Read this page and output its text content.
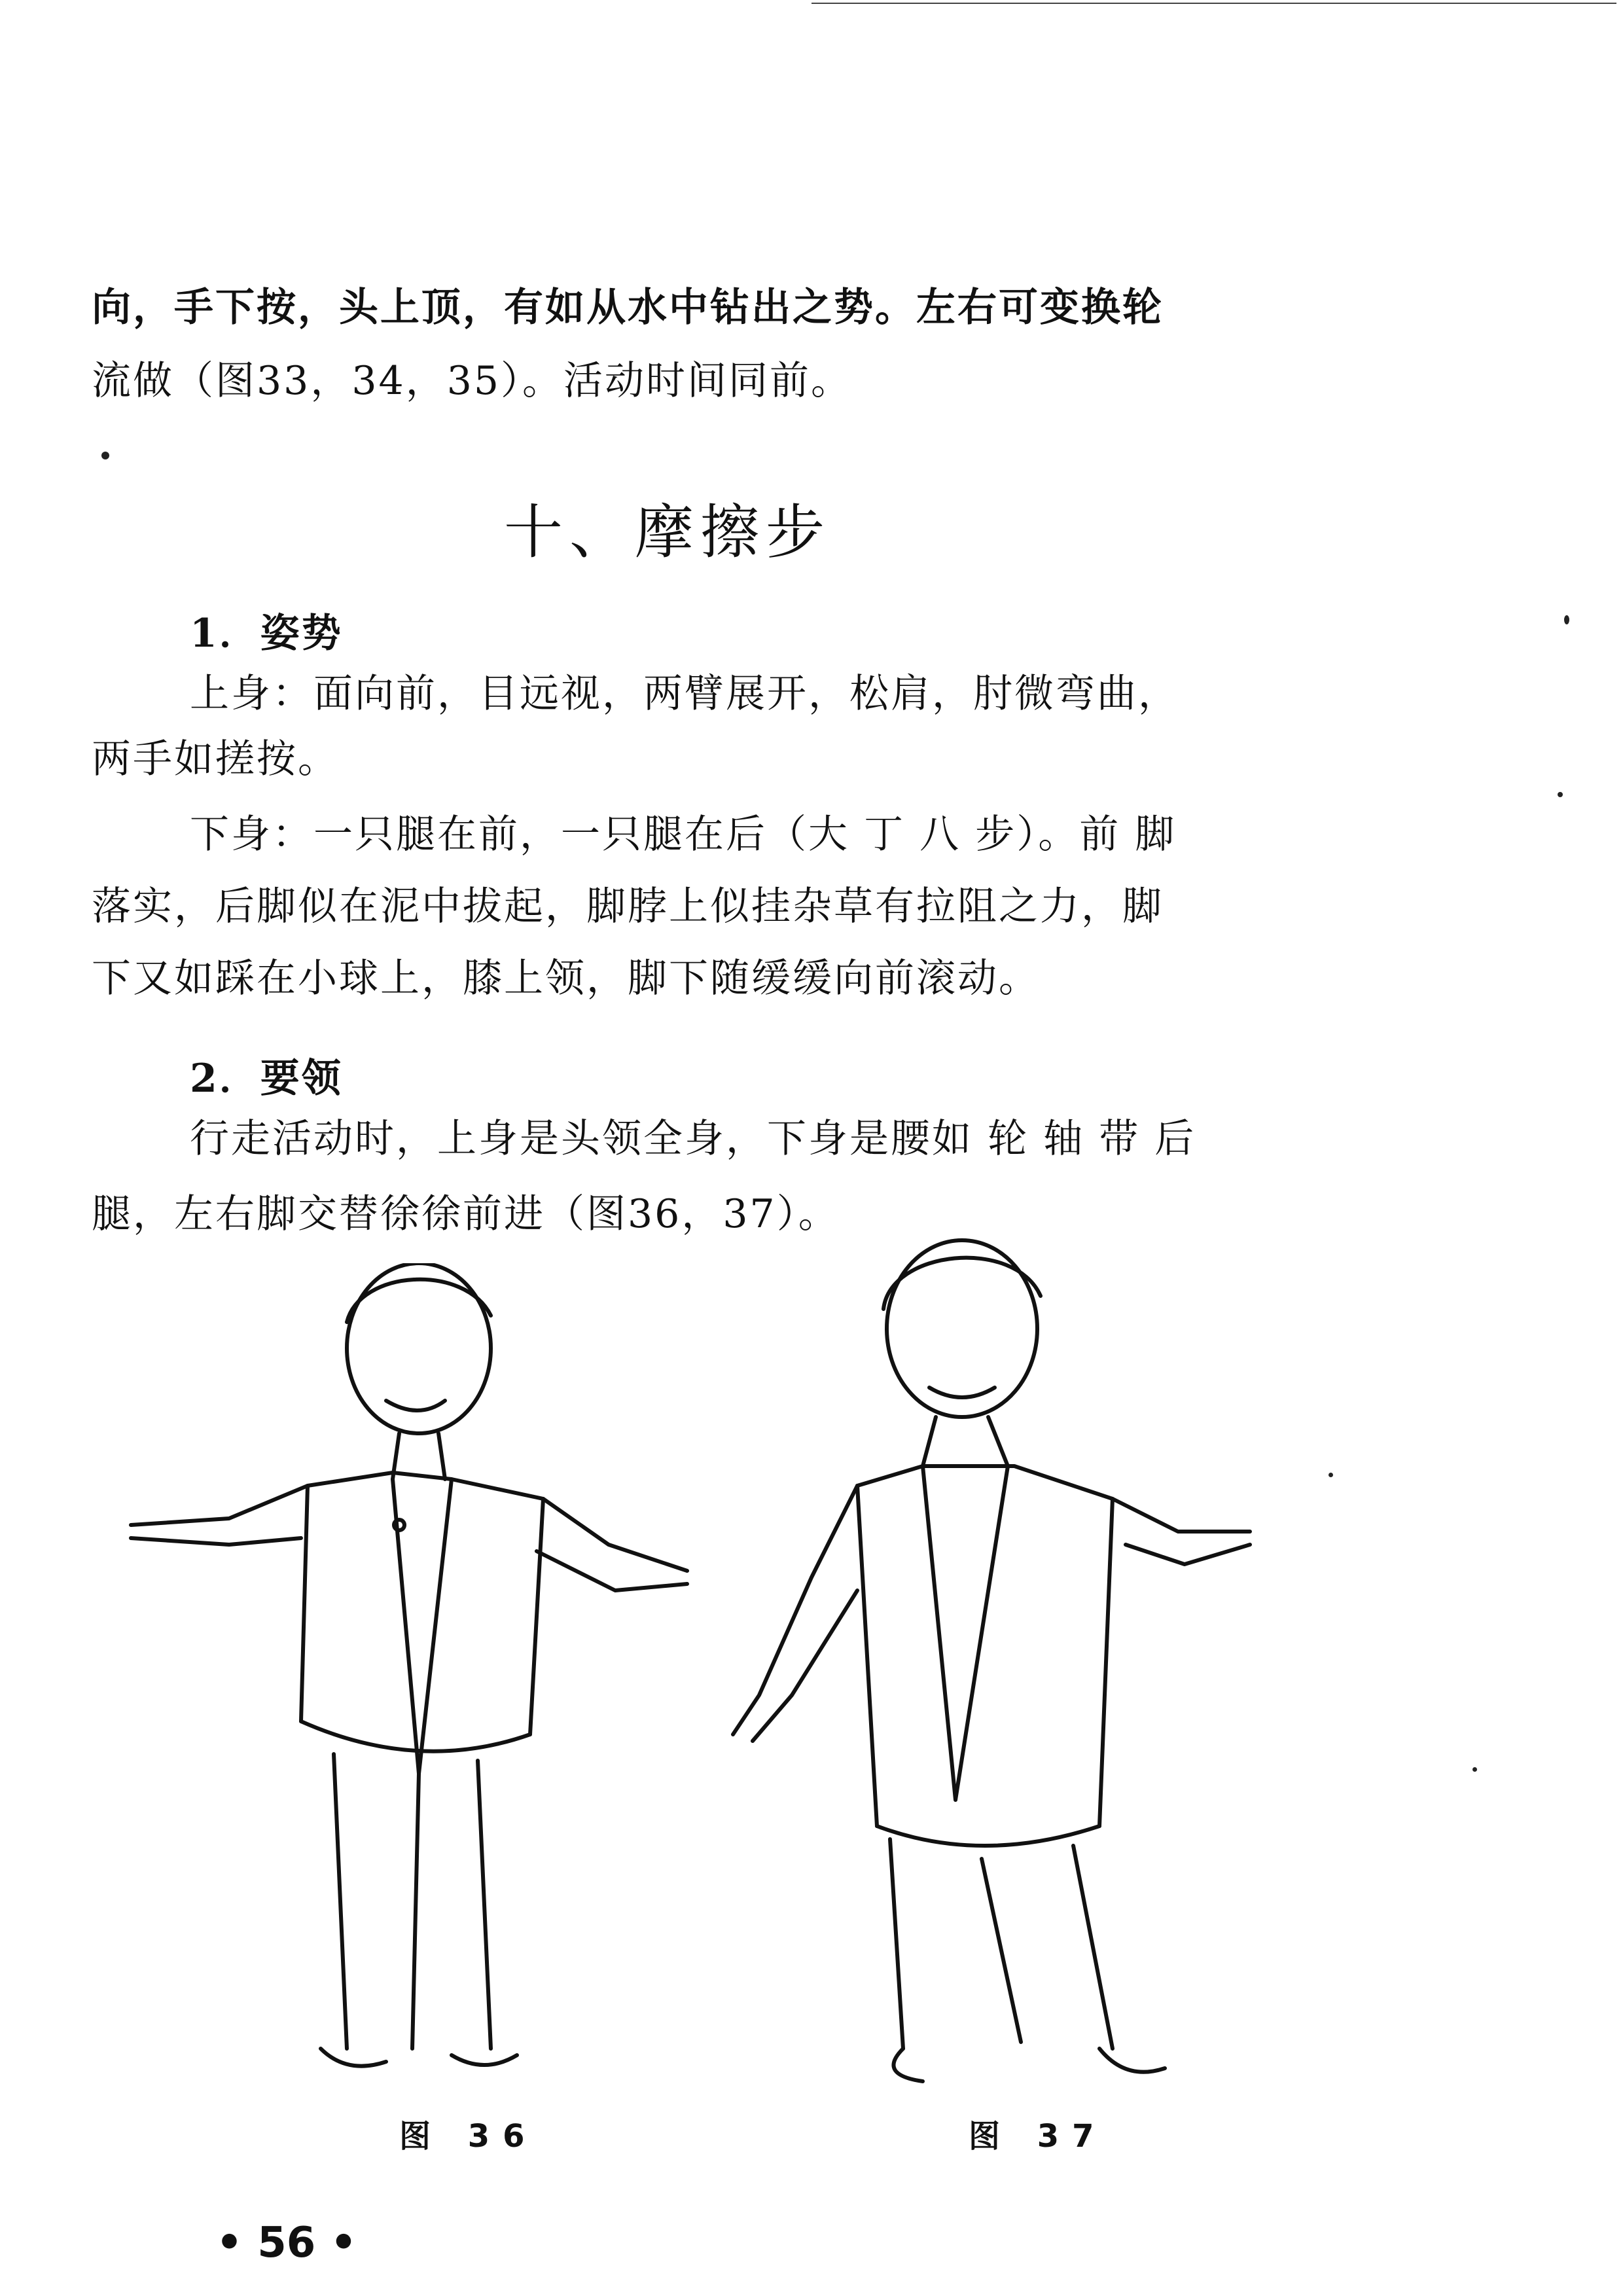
向，手下按，头上顶，有如从水中钻出之势。左右可变换轮

流做（图33，34，35）。活动时间同前。

十、摩擦步
1．姿势

上身：面向前，目远视，两臂展开，松肩，肘微弯曲，

两手如搓按。

下身：一只腿在前，一只腿在后（大 丁 八 步）。前 脚

落实，后脚似在泥中拔起，脚脖上似挂杂草有拉阻之力，脚

下又如踩在小球上，膝上领，脚下随缓缓向前滚动。

2．要领

行走活动时，上身是头领全身，下身是腰如 轮 轴 带 后

腿，左右脚交替徐徐前进（图36，37）。

图 36	图 37
• 56 •
